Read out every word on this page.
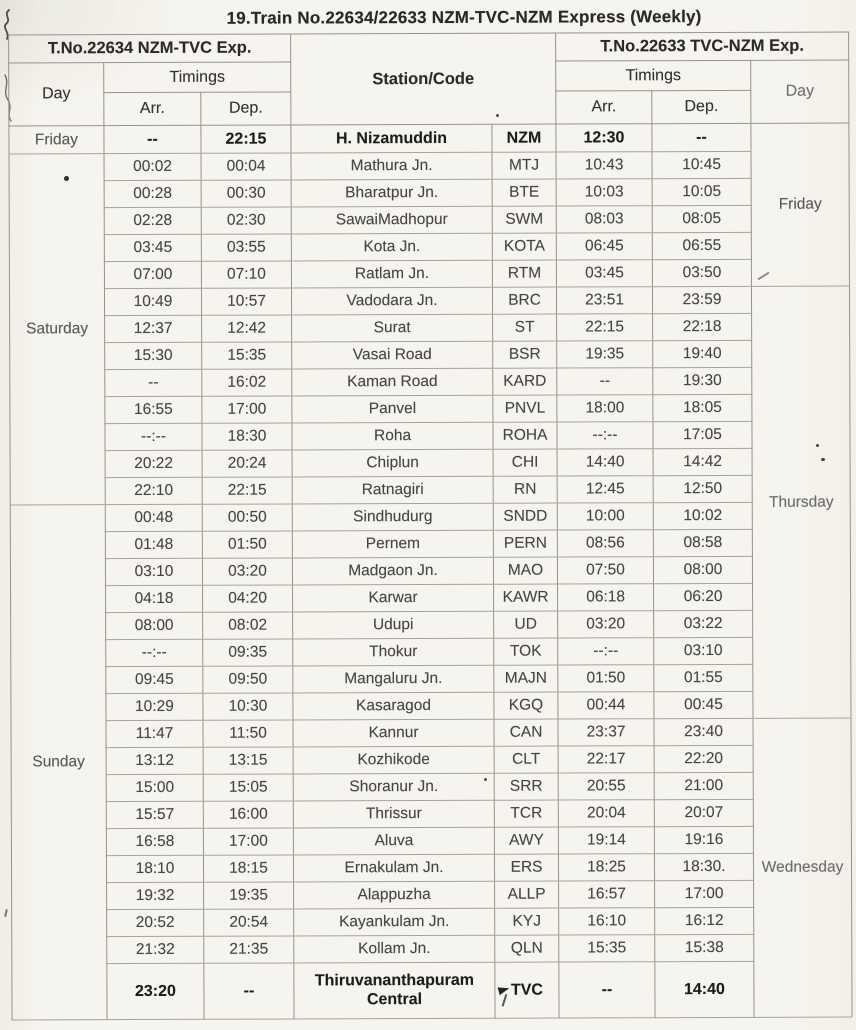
19.Train No.22634/22633 NZM-TVC-NZM Express (Weekly)
T.No.22634 NZM-TVC Exp.			Station/Code		T.No.22633 TVC-NZM Exp.		
Day	Timings				Timings		Day
	Arr.	Dep.			Arr.	Dep.	
Friday	--	22:15	H. Nizamuddin	NZM	12:30	--	Friday
Saturday	00:02	00:04	Mathura Jn.	MTJ	10:43	10:45	
	00:28	00:30	Bharatpur Jn.	BTE	10:03	10:05	
	02:28	02:30	SawaiMadhopur	SWM	08:03	08:05	
	03:45	03:55	Kota Jn.	KOTA	06:45	06:55	
	07:00	07:10	Ratlam Jn.	RTM	03:45	03:50	
	10:49	10:57	Vadodara Jn.	BRC	23:51	23:59	Thursday
	12:37	12:42	Surat	ST	22:15	22:18	
	15:30	15:35	Vasai Road	BSR	19:35	19:40	
	--	16:02	Kaman Road	KARD	--	19:30	
	16:55	17:00	Panvel	PNVL	18:00	18:05	
	--:--	18:30	Roha	ROHA	--:--	17:05	
	20:22	20:24	Chiplun	CHI	14:40	14:42	
	22:10	22:15	Ratnagiri	RN	12:45	12:50	
Sunday	00:48	00:50	Sindhudurg	SNDD	10:00	10:02	
	01:48	01:50	Pernem	PERN	08:56	08:58	
	03:10	03:20	Madgaon Jn.	MAO	07:50	08:00	
	04:18	04:20	Karwar	KAWR	06:18	06:20	
	08:00	08:02	Udupi	UD	03:20	03:22	
	--:--	09:35	Thokur	TOK	--:--	03:10	
	09:45	09:50	Mangaluru Jn.	MAJN	01:50	01:55	
	10:29	10:30	Kasaragod	KGQ	00:44	00:45	
	11:47	11:50	Kannur	CAN	23:37	23:40	Wednesday
	13:12	13:15	Kozhikode	CLT	22:17	22:20	
	15:00	15:05	Shoranur Jn.	SRR	20:55	21:00	
	15:57	16:00	Thrissur	TCR	20:04	20:07	
	16:58	17:00	Aluva	AWY	19:14	19:16	
	18:10	18:15	Ernakulam Jn.	ERS	18:25	18:30.	
	19:32	19:35	Alappuzha	ALLP	16:57	17:00	
	20:52	20:54	Kayankulam Jn.	KYJ	16:10	16:12	
	21:32	21:35	Kollam Jn.	QLN	15:35	15:38	
	23:20	--	Thiruvananthapuram Central	TVC	--	14:40	
